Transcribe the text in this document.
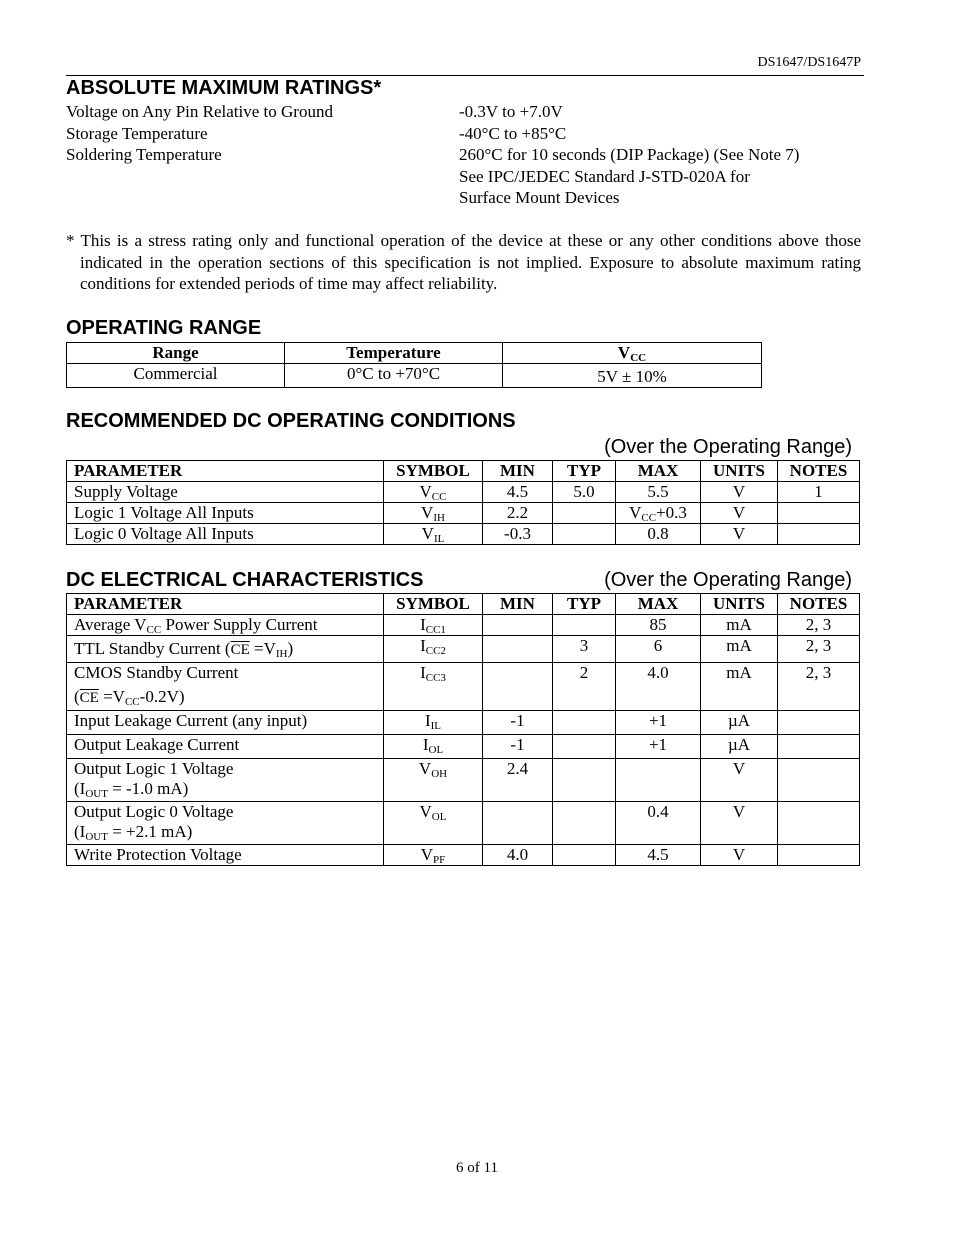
DS1647/DS1647P
ABSOLUTE MAXIMUM RATINGS*
Voltage on Any Pin Relative to Ground	-0.3V to +7.0V
Storage Temperature	-40°C to +85°C
Soldering Temperature	260°C for 10 seconds (DIP Package) (See Note 7)
See IPC/JEDEC Standard J-STD-020A for
Surface Mount Devices

* This is a stress rating only and functional operation of the device at these or any other conditions above those indicated in the operation sections of this specification is not implied. Exposure to absolute maximum rating conditions for extended periods of time may affect reliability.

OPERATING RANGE
Range	Temperature	$V_{CC}$
Commercial	0°C to +70°C	5V ± 10%
RECOMMENDED DC OPERATING CONDITIONS
(Over the Operating Range)
PARAMETER	SYMBOL	MIN	TYP	MAX	UNITS	NOTES
Supply Voltage	$V_{CC}$	4.5	5.0	5.5	V	1
Logic 1 Voltage All Inputs	$V_{IH}$	2.2		$V_{CC}+0.3$	V	
Logic 0 Voltage All Inputs	$V_{IL}$	-0.3		0.8	V	
DC ELECTRICAL CHARACTERISTICS	(Over the Operating Range)
PARAMETER	SYMBOL	MIN	TYP	MAX	UNITS	NOTES
Average $V_{CC}$ Power Supply Current	$I_{CC1}$			85	mA	2, 3
TTL Standby Current $(\overline{CE} =V_{IH})$	$I_{CC2}$		3	6	mA	2, 3
CMOS Standby Current
$(\overline{CE} =V_{CC}-0.2V)$	$I_{CC3}$		2	4.0	mA	2, 3
Input Leakage Current (any input)	$I_{IL}$	-1		+1	µA	
Output Leakage Current	$I_{OL}$	-1		+1	µA	
Output Logic 1 Voltage
($I_{OUT} = -1.0$ mA)	$V_{OH}$	2.4			V	
Output Logic 0 Voltage
($I_{OUT} = +2.1$ mA)	$V_{OL}$			0.4	V	
Write Protection Voltage	$V_{PF}$	4.0		4.5	V	
6 of 11
